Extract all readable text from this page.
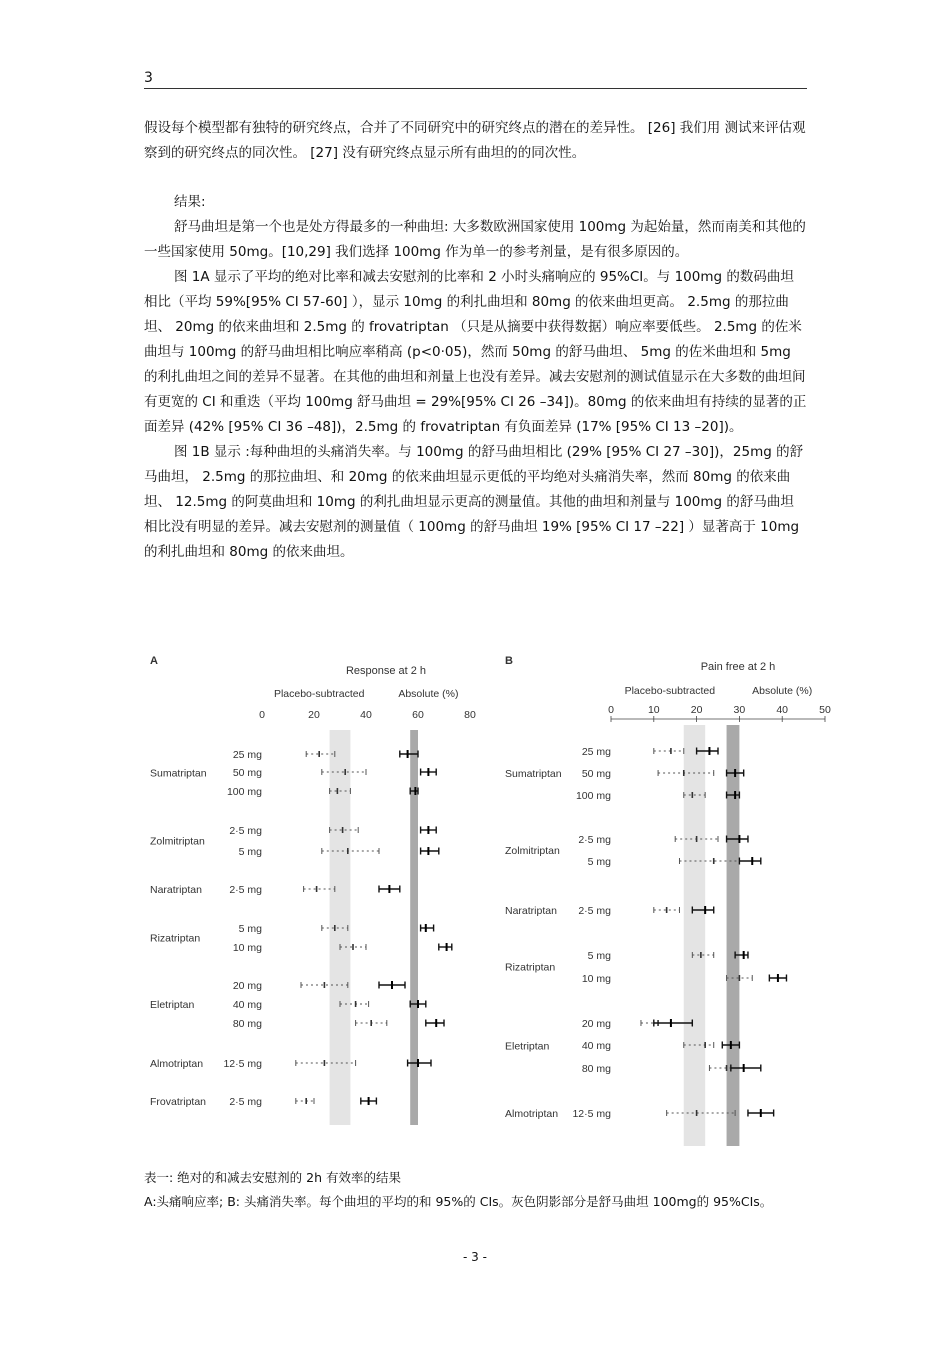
3

假设每个模型都有独特的研究终点，合并了不同研究中的研究终点的潜在的差异性。 [26] 我们用 测试来评估观察到的研究终点的同次性。 [27] 没有研究终点显示所有曲坦的的同次性。

结果:

舒马曲坦是第一个也是处方得最多的一种曲坦: 大多数欧洲国家使用 100mg 为起始量，然而南美和其他的一些国家使用 50mg。[10,29] 我们选择 100mg 作为单一的参考剂量，是有很多原因的。

图 1A 显示了平均的绝对比率和减去安慰剂的比率和 2 小时头痛响应的 95%CI。与 100mg 的数码曲坦相比（平均 59%[95% CI 57-60] ），显示 10mg 的利扎曲坦和 80mg 的依来曲坦更高。 2.5mg 的那拉曲坦、 20mg 的依来曲坦和 2.5mg 的 frovatriptan （只是从摘要中获得数据）响应率要低些。 2.5mg 的佐米曲坦与 100mg 的舒马曲坦相比响应率稍高 (p<0·05)，然而 50mg 的舒马曲坦、 5mg 的佐米曲坦和 5mg 的利扎曲坦之间的差异不显著。在其他的曲坦和剂量上也没有差异。减去安慰剂的测试值显示在大多数的曲坦间有更宽的 CI 和重迭（平均 100mg 舒马曲坦 = 29%[95% CI 26 –34])。80mg 的依来曲坦有持续的显著的正面差异 (42% [95% CI 36 –48])，2.5mg 的 frovatriptan 有负面差异 (17% [95% CI 13 –20])。

图 1B 显示 :每种曲坦的头痛消失率。与 100mg 的舒马曲坦相比 (29% [95% CI 27 –30])，25mg 的舒马曲坦， 2.5mg 的那拉曲坦、和 20mg 的依来曲坦显示更低的平均绝对头痛消失率，然而 80mg 的依来曲坦、 12.5mg 的阿莫曲坦和 10mg 的利扎曲坦显示更高的测量值。其他的曲坦和剂量与 100mg 的舒马曲坦相比没有明显的差异。减去安慰剂的测量值（ 100mg 的舒马曲坦 19% [95% CI 17 –22] ）显著高于 10mg 的利扎曲坦和 80mg 的依来曲坦。

A
Response at 2 h
Placebo-subtracted	Absolute (%)
0	20	40	60	80
Sumatriptan
25 mg
50 mg
100 mg
Zolmitriptan
2·5 mg
5 mg
Naratriptan	2·5 mg
Rizatriptan
5 mg
10 mg
Eletriptan
20 mg
40 mg
80 mg
Almotriptan 12·5 mg
Frovatriptan 2·5 mg
B	Pain free at 2 h
Placebo-subtracted	Absolute (%)
0	10	20	30	40	50
Sumatriptan
25 mg
50 mg
100 mg
Zolmitriptan
2·5 mg
5 mg
Naratriptan 2·5 mg
Rizatriptan
5 mg
10 mg
Eletriptan
20 mg
40 mg
80 mg
Almotriptan 12·5 mg

表一: 绝对的和减去安慰剂的 2h 有效率的结果

A:头痛响应率; B: 头痛消失率。每个曲坦的平均的和 95%的 CIs。灰色阴影部分是舒马曲坦 100mg的 95%CIs。

- 3 -
